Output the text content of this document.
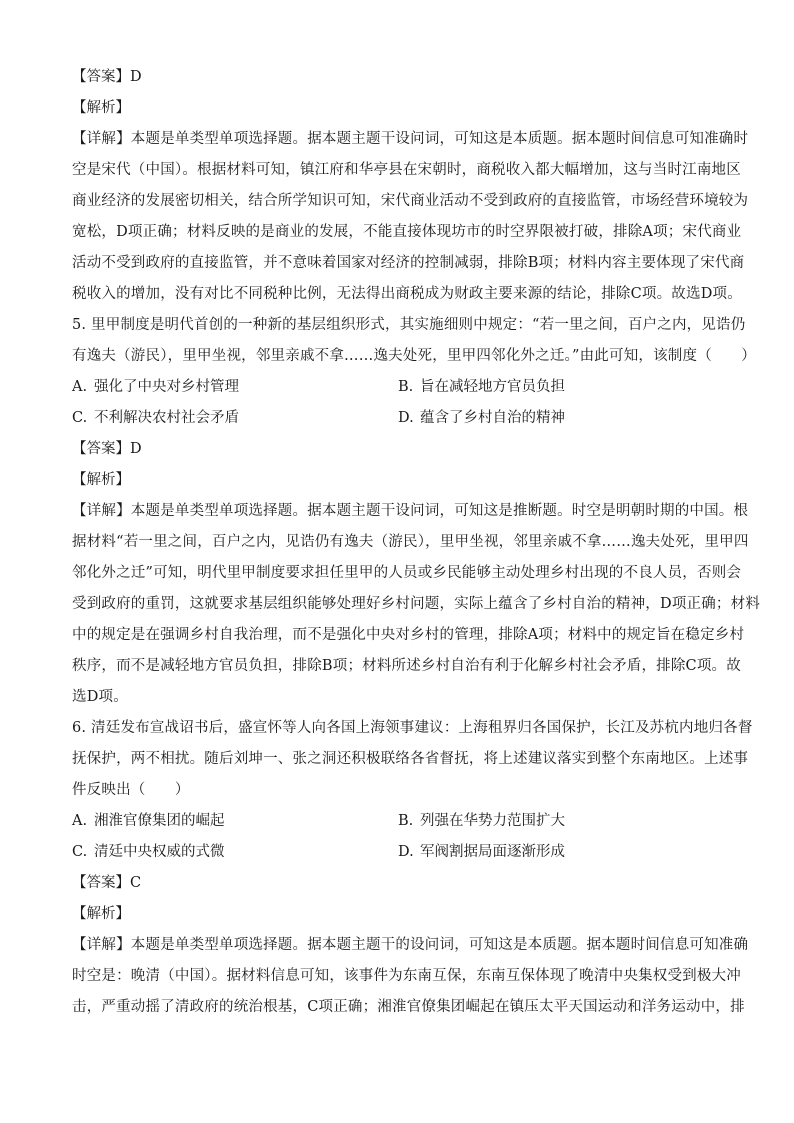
【答案】D
【解析】
【详解】本题是单类型单项选择题。据本题主题干设问词，可知这是本质题。据本题时间信息可知准确时
空是宋代（中国）。根据材料可知，镇江府和华亭县在宋朝时，商税收入都大幅增加，这与当时江南地区
商业经济的发展密切相关，结合所学知识可知，宋代商业活动不受到政府的直接监管，市场经营环境较为
宽松，D项正确；材料反映的是商业的发展，不能直接体现坊市的时空界限被打破，排除A项；宋代商业
活动不受到政府的直接监管，并不意味着国家对经济的控制减弱，排除B项；材料内容主要体现了宋代商
税收入的增加，没有对比不同税种比例，无法得出商税成为财政主要来源的结论，排除C项。故选D项。
5. 里甲制度是明代首创的一种新的基层组织形式，其实施细则中规定：“若一里之间，百户之内，见诰仍
有逸夫（游民），里甲坐视，邻里亲戚不拿……逸夫处死，里甲四邻化外之迁。”由此可知，该制度（　　）
A. 强化了中央对乡村管理	B. 旨在减轻地方官员负担
C. 不利解决农村社会矛盾	D. 蕴含了乡村自治的精神
【答案】D
【解析】
【详解】本题是单类型单项选择题。据本题主题干设问词，可知这是推断题。时空是明朝时期的中国。根
据材料“若一里之间，百户之内，见诰仍有逸夫（游民），里甲坐视，邻里亲戚不拿……逸夫处死，里甲四
邻化外之迁”可知，明代里甲制度要求担任里甲的人员或乡民能够主动处理乡村出现的不良人员，否则会
受到政府的重罚，这就要求基层组织能够处理好乡村问题，实际上蕴含了乡村自治的精神，D项正确；材料
中的规定是在强调乡村自我治理，而不是强化中央对乡村的管理，排除A项；材料中的规定旨在稳定乡村
秩序，而不是减轻地方官员负担，排除B项；材料所述乡村自治有利于化解乡村社会矛盾，排除C项。故
选D项。
6. 清廷发布宣战诏书后，盛宣怀等人向各国上海领事建议：上海租界归各国保护，长江及苏杭内地归各督
抚保护，两不相扰。随后刘坤一、张之洞还积极联络各省督抚，将上述建议落实到整个东南地区。上述事
件反映出（　　）
A. 湘淮官僚集团的崛起	B. 列强在华势力范围扩大
C. 清廷中央权威的式微	D. 军阀割据局面逐渐形成
【答案】C
【解析】
【详解】本题是单类型单项选择题。据本题主题干的设问词，可知这是本质题。据本题时间信息可知准确
时空是：晚清（中国）。据材料信息可知，该事件为东南互保，东南互保体现了晚清中央集权受到极大冲
击，严重动摇了清政府的统治根基，C项正确；湘淮官僚集团崛起在镇压太平天国运动和洋务运动中，排
